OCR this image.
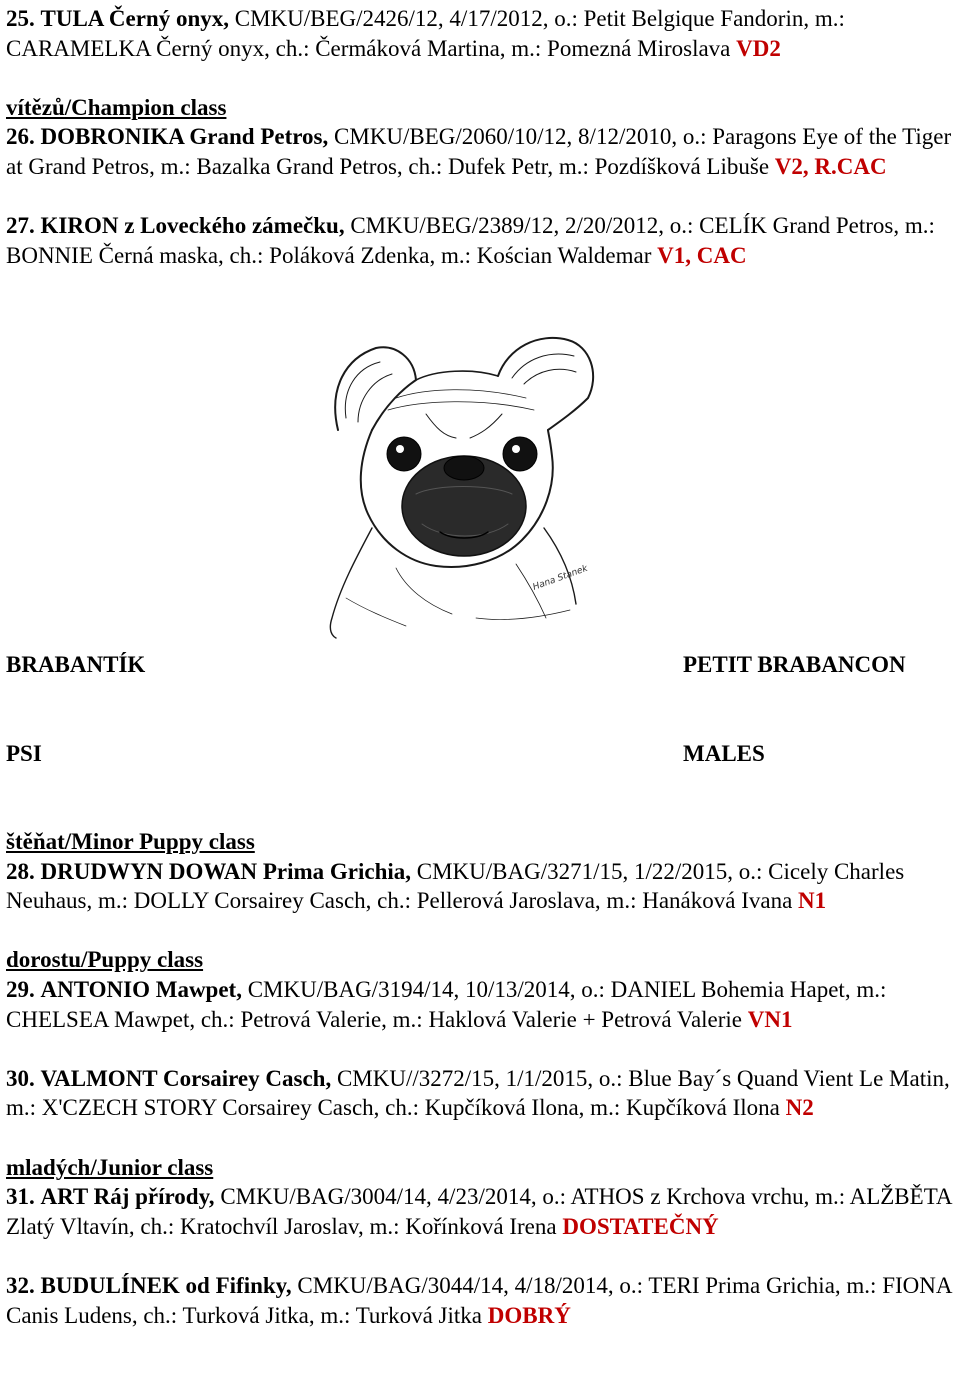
25. TULA Černý onyx, CMKU/BEG/2426/12, 4/17/2012, o.: Petit Belgique Fandorin, m.: CARAMELKA Černý onyx, ch.: Čermáková Martina, m.: Pomezná Miroslava VD2

vítězů/Champion class

26. DOBRONIKA Grand Petros, CMKU/BEG/2060/10/12, 8/12/2010, o.: Paragons Eye of the Tiger at Grand Petros, m.: Bazalka Grand Petros, ch.: Dufek Petr, m.: Pozdíšková Libuše V2, R.CAC

27. KIRON z Loveckého zámečku, CMKU/BEG/2389/12, 2/20/2012, o.: CELÍK Grand Petros, m.: BONNIE Černá maska, ch.: Poláková Zdenka, m.: Kościan Waldemar V1, CAC

Hana Stanek
BRABANTÍK	PETIT BRABANCON
PSI	MALES

štěňat/Minor Puppy class

28. DRUDWYN DOWAN Prima Grichia, CMKU/BAG/3271/15, 1/22/2015, o.: Cicely Charles Neuhaus, m.: DOLLY Corsairey Casch, ch.: Pellerová Jaroslava, m.: Hanáková Ivana N1

dorostu/Puppy class

29. ANTONIO Mawpet, CMKU/BAG/3194/14, 10/13/2014, o.: DANIEL Bohemia Hapet, m.: CHELSEA Mawpet, ch.: Petrová Valerie, m.: Haklová Valerie + Petrová Valerie VN1

30. VALMONT Corsairey Casch, CMKU//3272/15, 1/1/2015, o.: Blue Bay´s Quand Vient Le Matin, m.: X'CZECH STORY Corsairey Casch, ch.: Kupčíková Ilona, m.: Kupčíková Ilona N2

mladých/Junior class

31. ART Ráj přírody, CMKU/BAG/3004/14, 4/23/2014, o.: ATHOS z Krchova vrchu, m.: ALŽBĚTA Zlatý Vltavín, ch.: Kratochvíl Jaroslav, m.: Kořínková Irena DOSTATEČNÝ

32. BUDULÍNEK od Fifinky, CMKU/BAG/3044/14, 4/18/2014, o.: TERI Prima Grichia, m.: FIONA Canis Ludens, ch.: Turková Jitka, m.: Turková Jitka DOBRÝ
